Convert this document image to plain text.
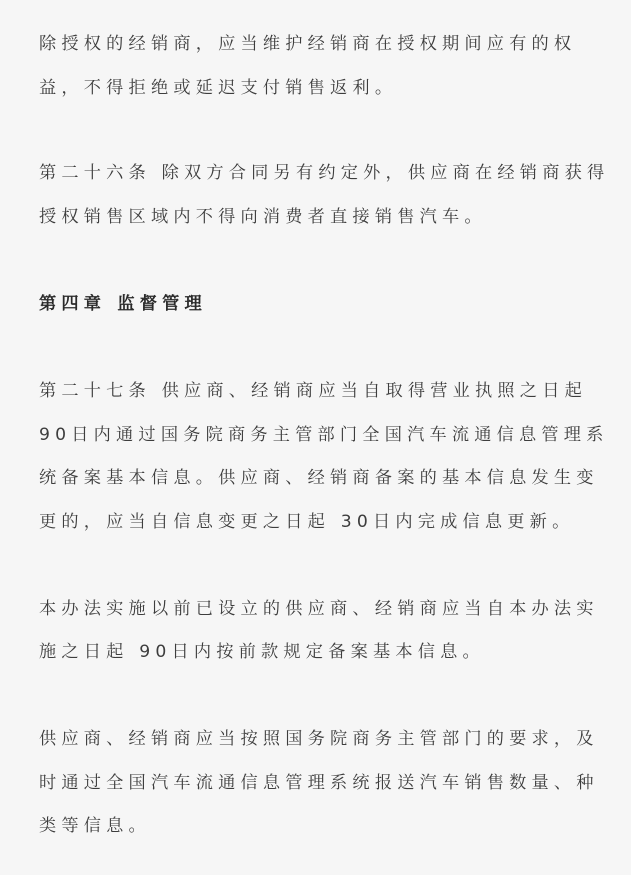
除授权的经销商，应当维护经销商在授权期间应有的权
益，不得拒绝或延迟支付销售返利。
第二十六条 除双方合同另有约定外，供应商在经销商获得
授权销售区域内不得向消费者直接销售汽车。
第四章 监督管理
第二十七条 供应商、经销商应当自取得营业执照之日起
90日内通过国务院商务主管部门全国汽车流通信息管理系
统备案基本信息。供应商、经销商备案的基本信息发生变
更的，应当自信息变更之日起 30日内完成信息更新。
本办法实施以前已设立的供应商、经销商应当自本办法实
施之日起 90日内按前款规定备案基本信息。
供应商、经销商应当按照国务院商务主管部门的要求，及
时通过全国汽车流通信息管理系统报送汽车销售数量、种
类等信息。
